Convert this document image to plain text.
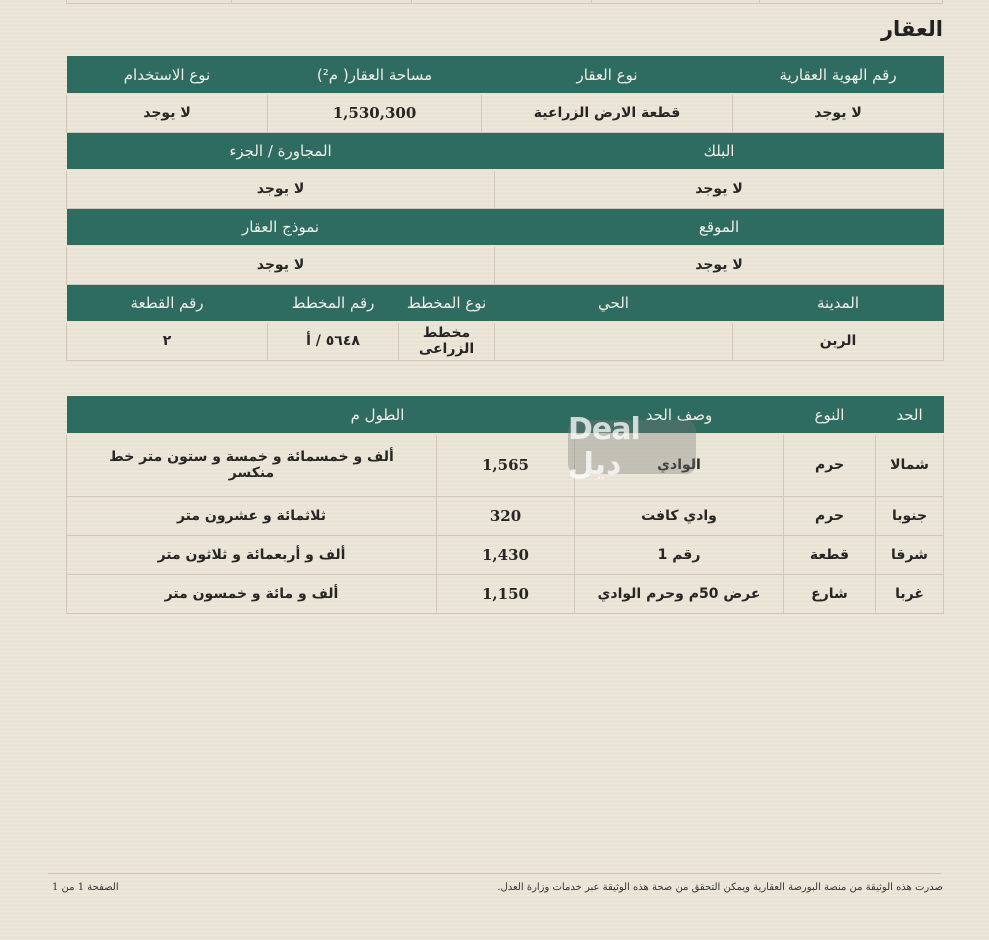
العقار
رقم الهوية العقارية	نوع العقار		مساحة العقار( م²)		نوع الاستخدام
لا يوجد	قطعة الارض الزراعية		1,530,300		لا يوجد
البلك		المجاورة / الجزء			
لا يوجد		لا يوجد			
الموقع		نموذج العقار			
لا يوجد		لا يوجد			
المدينة	الحي	نوع المخطط		رقم المخطط	رقم القطعة
الرين		مخطط الزراعى		٥٦٤٨ / أ	٢
الحد	النوع	وصف الحد	الطول م	
شمالا	حرم	الوادي	1,565	ألف و خمسمائة و خمسة و ستون متر خط منكسر
جنوبا	حرم	وادي كافت	320	ثلاثمائة و عشرون متر
شرقا	قطعة	رقم 1	1,430	ألف و أربعمائة و ثلاثون متر
غربا	شارع	عرض 50م وحرم الوادي	1,150	ألف و مائة و خمسون متر
Deal ديل
صدرت هذه الوثيقة من منصة البورصة العقارية ويمكن التحقق من صحة هذه الوثيقة عبر خدمات وزارة العدل.
الصفحة 1 من 1
